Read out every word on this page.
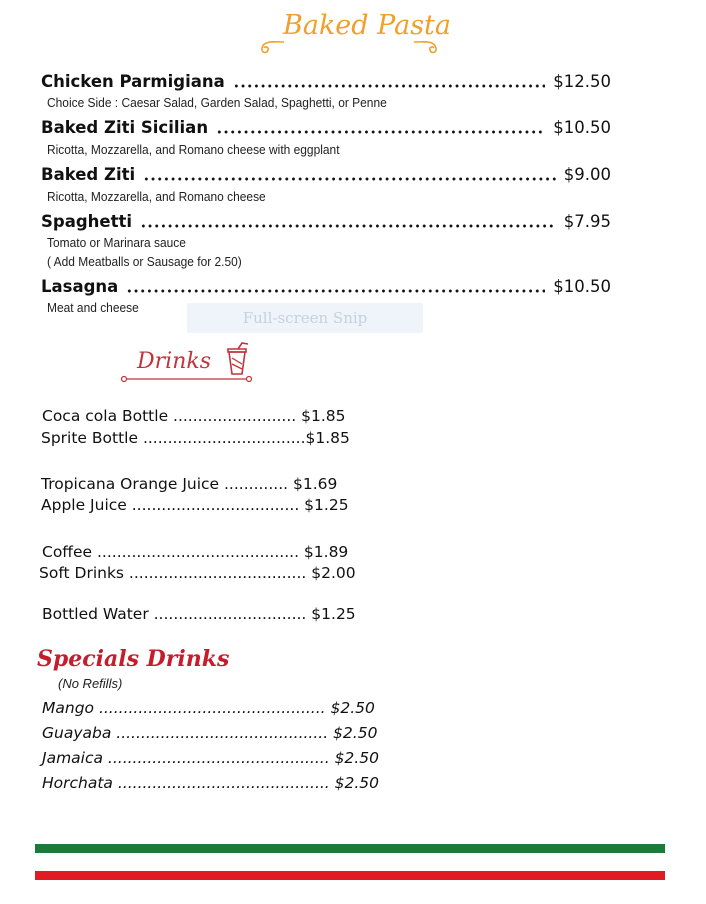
Baked Pasta
Chicken Parmigiana	$12.50
Choice Side : Caesar Salad, Garden Salad, Spaghetti, or Penne
Baked Ziti Sicilian	$10.50
Ricotta, Mozzarella, and Romano cheese with eggplant
Baked Ziti	$9.00
Ricotta, Mozzarella, and Romano cheese
Spaghetti	$7.95
Tomato or Marinara sauce
( Add Meatballs or Sausage for 2.50)
Lasagna	$10.50
Meat and cheese
Full-screen Snip
Drinks
Coca cola Bottle ......................... $1.85
Sprite Bottle .................................$1.85
Tropicana Orange Juice ............. $1.69
Apple Juice .................................. $1.25
Coffee ......................................... $1.89
Soft Drinks .................................... $2.00
Bottled Water ............................... $1.25
Specials Drinks
(No Refills)
Mango .............................................. $2.50
Guayaba ........................................... $2.50
Jamaica ............................................. $2.50
Horchata ........................................... $2.50
